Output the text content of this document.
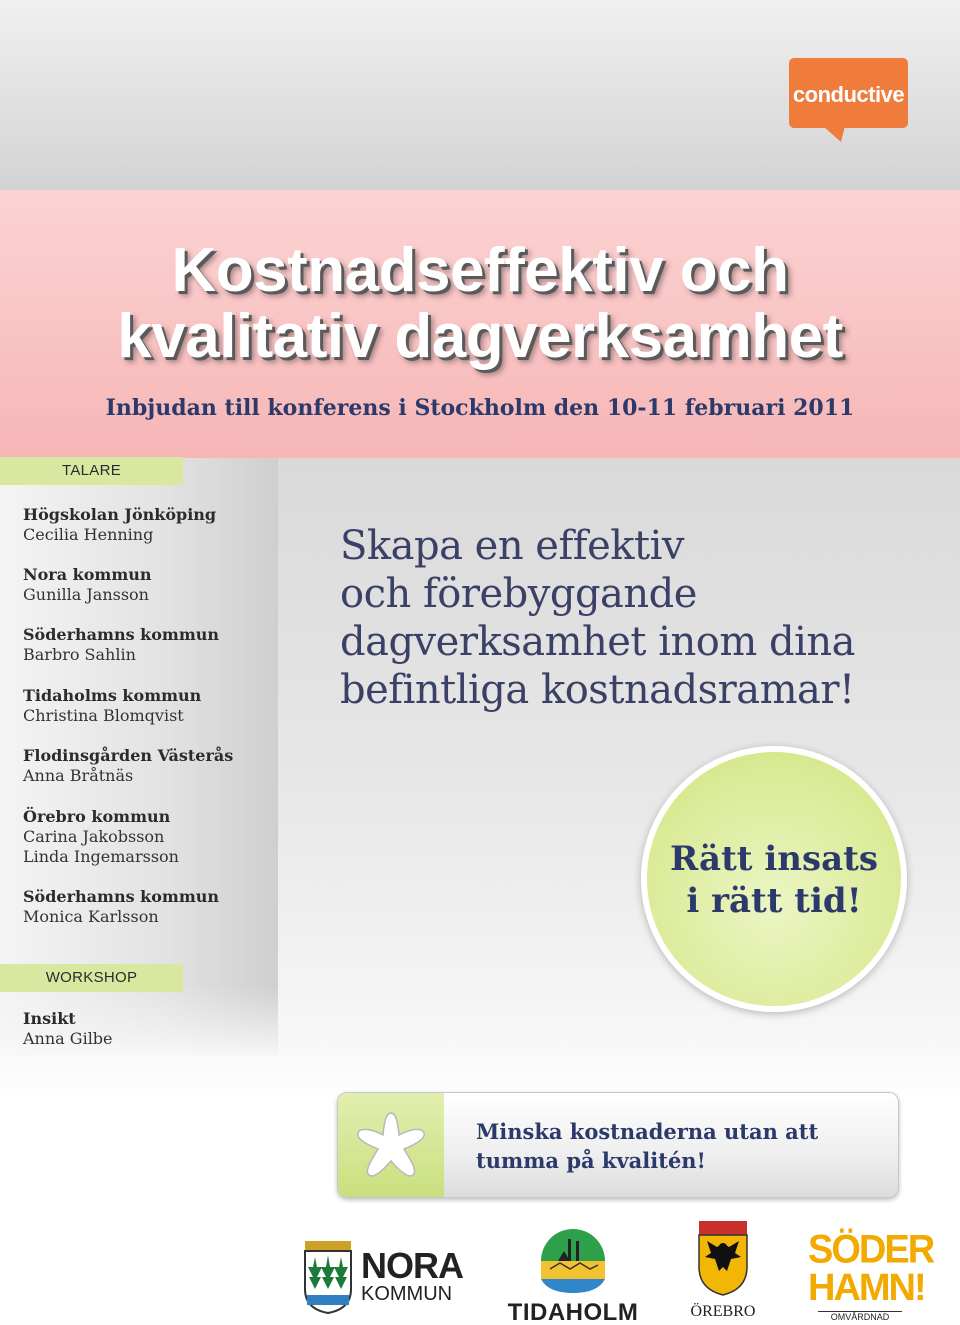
conductive
Kostnadseffektiv och
kvalitativ dagverksamhet
Inbjudan till konferens i Stockholm den 10-11 februari 2011
TALARE
Högskolan Jönköping
Cecilia Henning
Nora kommun
Gunilla Jansson
Söderhamns kommun
Barbro Sahlin
Tidaholms kommun
Christina Blomqvist
Flodinsgården Västerås
Anna Bråtnäs
Örebro kommun
Carina Jakobsson
Linda Ingemarsson
Söderhamns kommun
Monica Karlsson
WORKSHOP
Insikt
Anna Gilbe
Skapa en effektiv
och förebyggande
dagverksamhet inom dina
befintliga kostnadsramar!
Rätt insats
i rätt tid!
Minska kostnaderna utan att
tumma på kvalitén!
NORA
KOMMUN
TIDAHOLM	ÖREBRO
SÖDER
HAMN!
OMVÅRDNAD
